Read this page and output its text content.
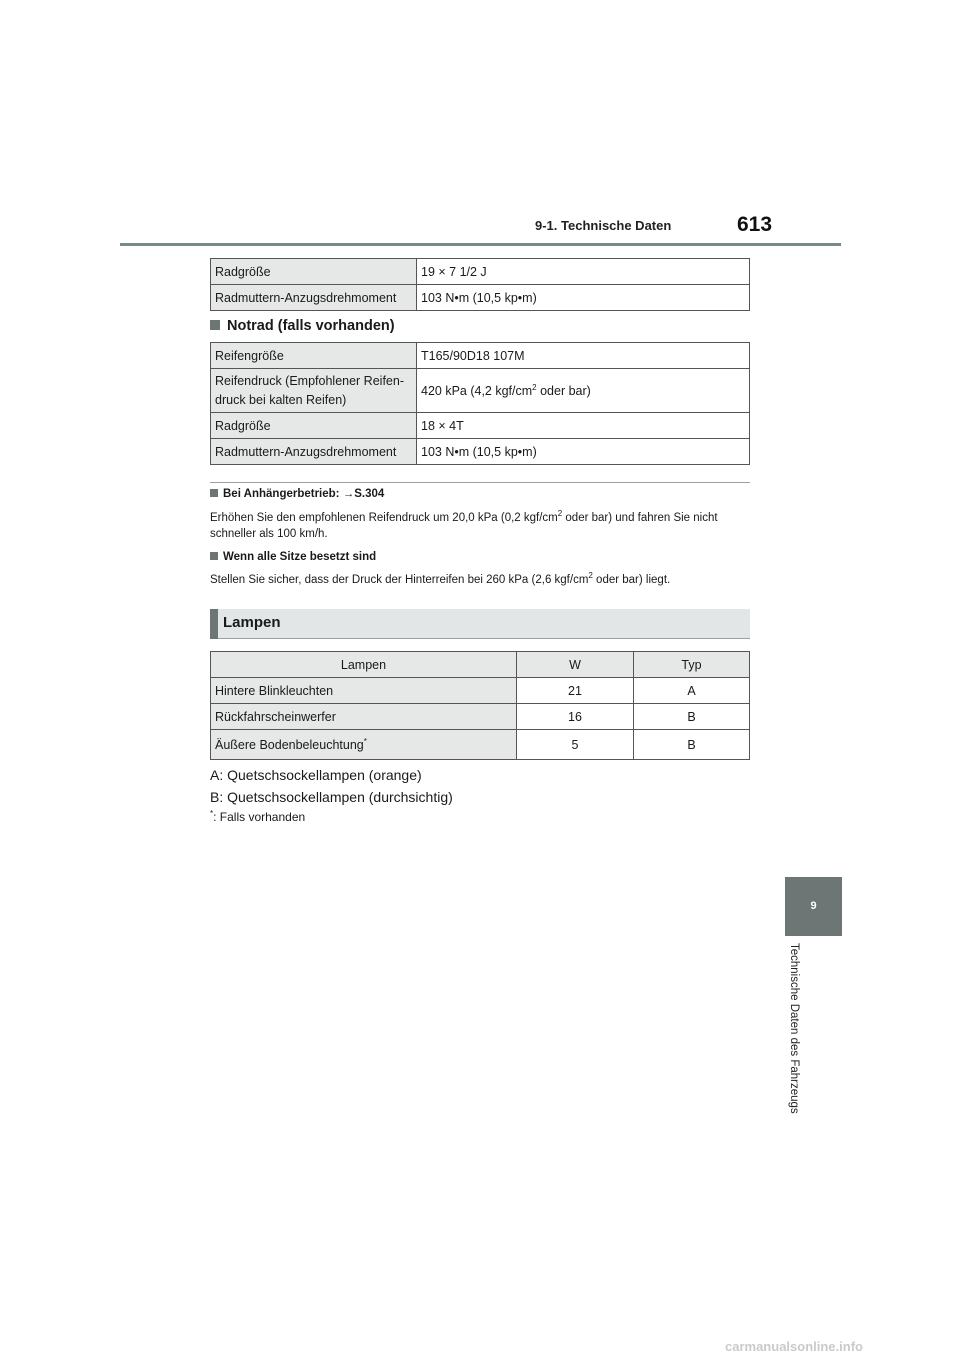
9-1. Technische Daten	613
Radgröße	19 × 7 1/2 J
Radmuttern-Anzugsdrehmoment	103 N•m (10,5 kp•m)
Notrad (falls vorhanden)
Reifengröße	T165/90D18 107M

Reifendruck (Empfohlener Reifen-
druck bei kalten Reifen)	420 kPa (4,2 kgf/$cm^2$ oder bar)
Radgröße	18 × 4T
Radmuttern-Anzugsdrehmoment	103 N•m (10,5 kp•m)
Bei Anhängerbetrieb: →S.304
Erhöhen Sie den empfohlenen Reifendruck um 20,0 kPa (0,2 kgf/$cm^2$ oder bar) und fahren Sie nicht schneller als 100 km/h.
Wenn alle Sitze besetzt sind
Stellen Sie sicher, dass der Druck der Hinterreifen bei 260 kPa (2,6 kgf/$cm^2$ oder bar) liegt.
Lampen
Lampen	W	Typ
Hintere Blinkleuchten	21	A
Rückfahrscheinwerfer	16	B
Äußere Bodenbeleuchtung*	5	B
A: Quetschsockellampen (orange)
B: Quetschsockellampen (durchsichtig)
*: Falls vorhanden
9
Technische Daten des Fahrzeugs
carmanualsonline.info
